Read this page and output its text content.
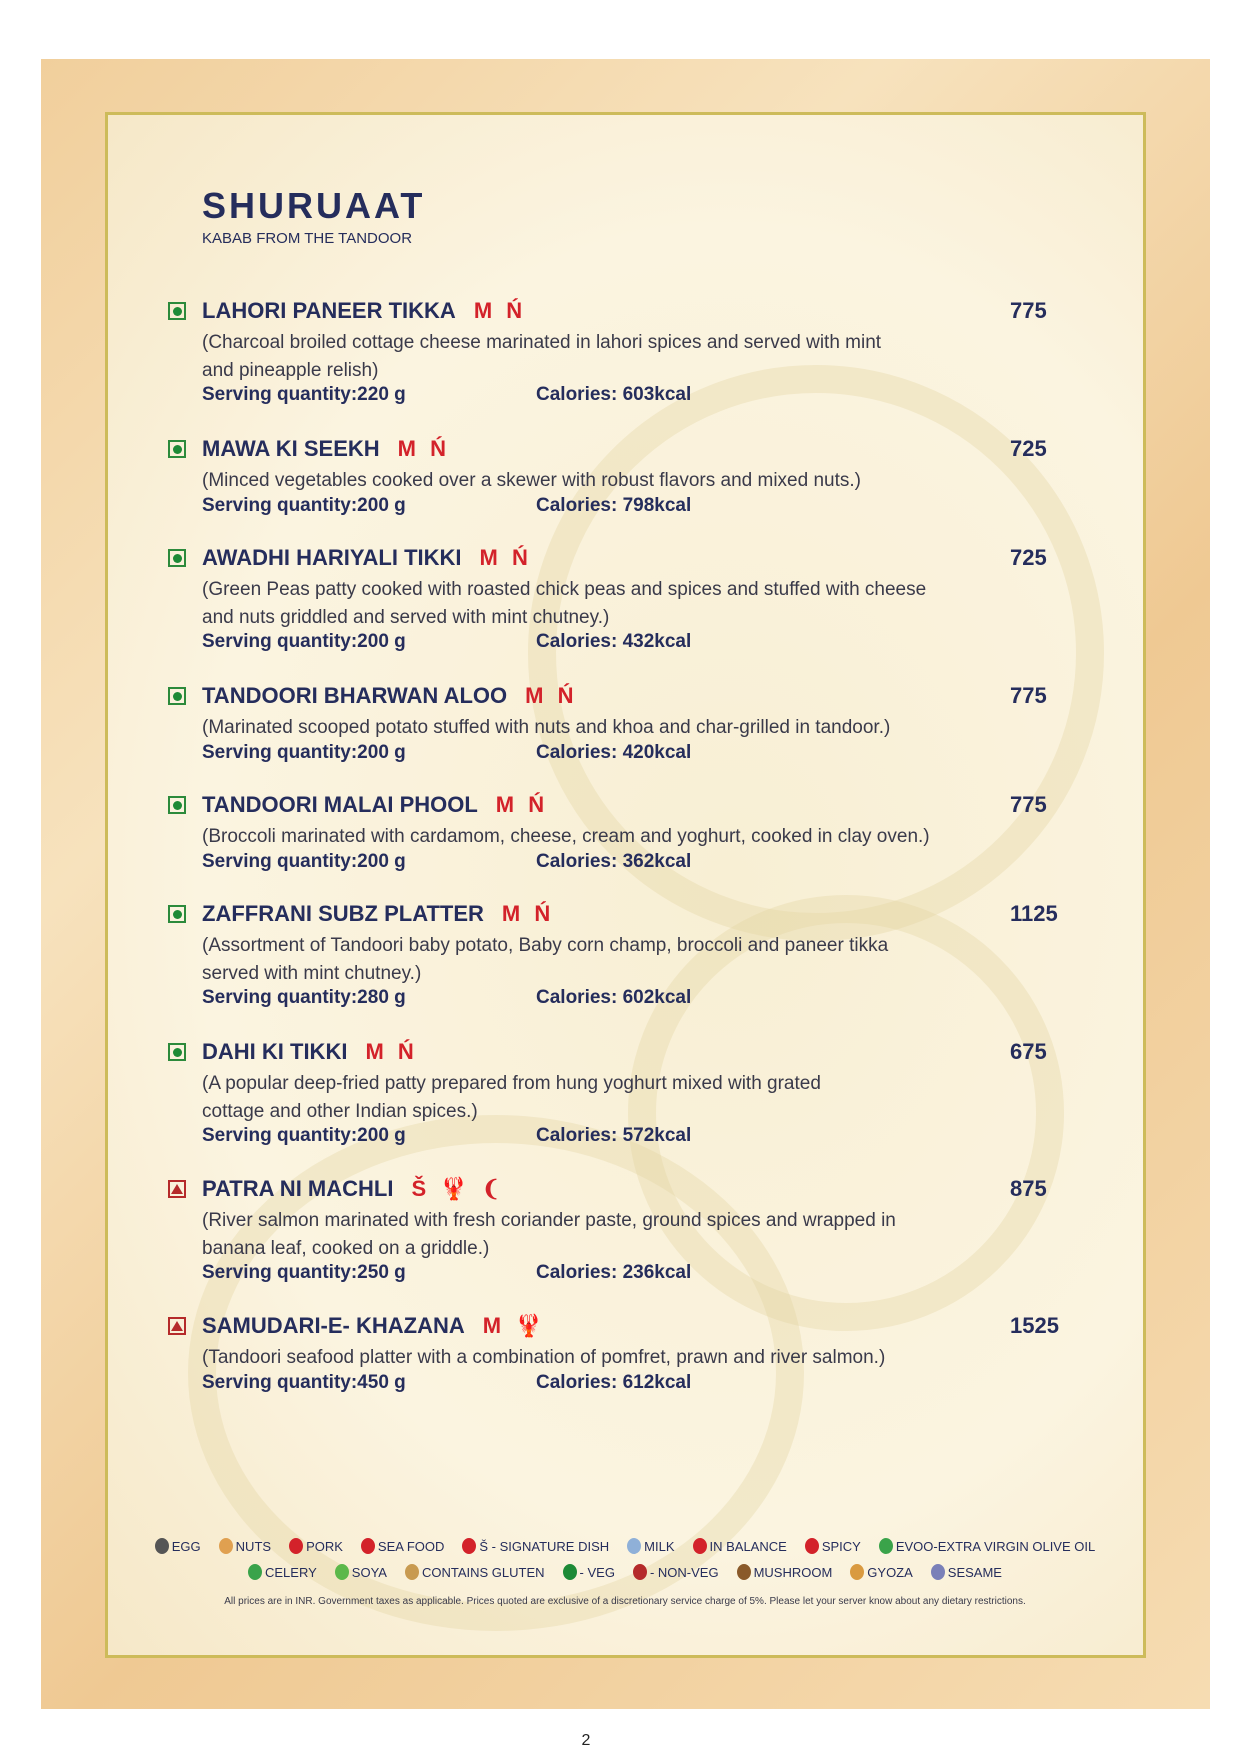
SHURUAAT
KABAB FROM THE TANDOOR
LAHORI PANEER TIKKA M Ń	775
(Charcoal broiled cottage cheese marinated in lahori spices and served with mint
and pineapple relish)
Serving quantity:220 g	Calories: 603kcal
MAWA KI SEEKH M Ń	725
(Minced vegetables cooked over a skewer with robust flavors and mixed nuts.)
Serving quantity:200 g	Calories: 798kcal
AWADHI HARIYALI TIKKI M Ń	725
(Green Peas patty cooked with roasted chick peas and spices and stuffed with cheese
and nuts griddled and served with mint chutney.)
Serving quantity:200 g	Calories: 432kcal
TANDOORI BHARWAN ALOO M Ń	775
(Marinated scooped potato stuffed with nuts and khoa and char-grilled in tandoor.)
Serving quantity:200 g	Calories: 420kcal
TANDOORI MALAI PHOOL M Ń	775
(Broccoli marinated with cardamom, cheese, cream and yoghurt, cooked in clay oven.)
Serving quantity:200 g	Calories: 362kcal
ZAFFRANI SUBZ PLATTER M Ń	1125
(Assortment of Tandoori baby potato, Baby corn champ, broccoli and paneer tikka
served with mint chutney.)
Serving quantity:280 g	Calories: 602kcal
DAHI KI TIKKI M Ń	675
(A popular deep-fried patty prepared from hung yoghurt mixed with grated
cottage and other Indian spices.)
Serving quantity:200 g	Calories: 572kcal
PATRA NI MACHLI Š 🦞 ❨	875
(River salmon marinated with fresh coriander paste, ground spices and wrapped in
banana leaf, cooked on a griddle.)
Serving quantity:250 g	Calories: 236kcal
SAMUDARI-E- KHAZANA M 🦞	1525
(Tandoori seafood platter with a combination of pomfret, prawn and river salmon.)
Serving quantity:450 g	Calories: 612kcal
EGG	NUTS	PORK	SEA FOOD	Š - SIGNATURE DISH	MILK	IN BALANCE	SPICY	EVOO-EXTRA VIRGIN OLIVE OIL
CELERY	SOYA	CONTAINS GLUTEN	- VEG	- NON-VEG	MUSHROOM	GYOZA	SESAME
All prices are in INR. Government taxes as applicable. Prices quoted are exclusive of a discretionary service charge of 5%. Please let your server know about any dietary restrictions.
2
